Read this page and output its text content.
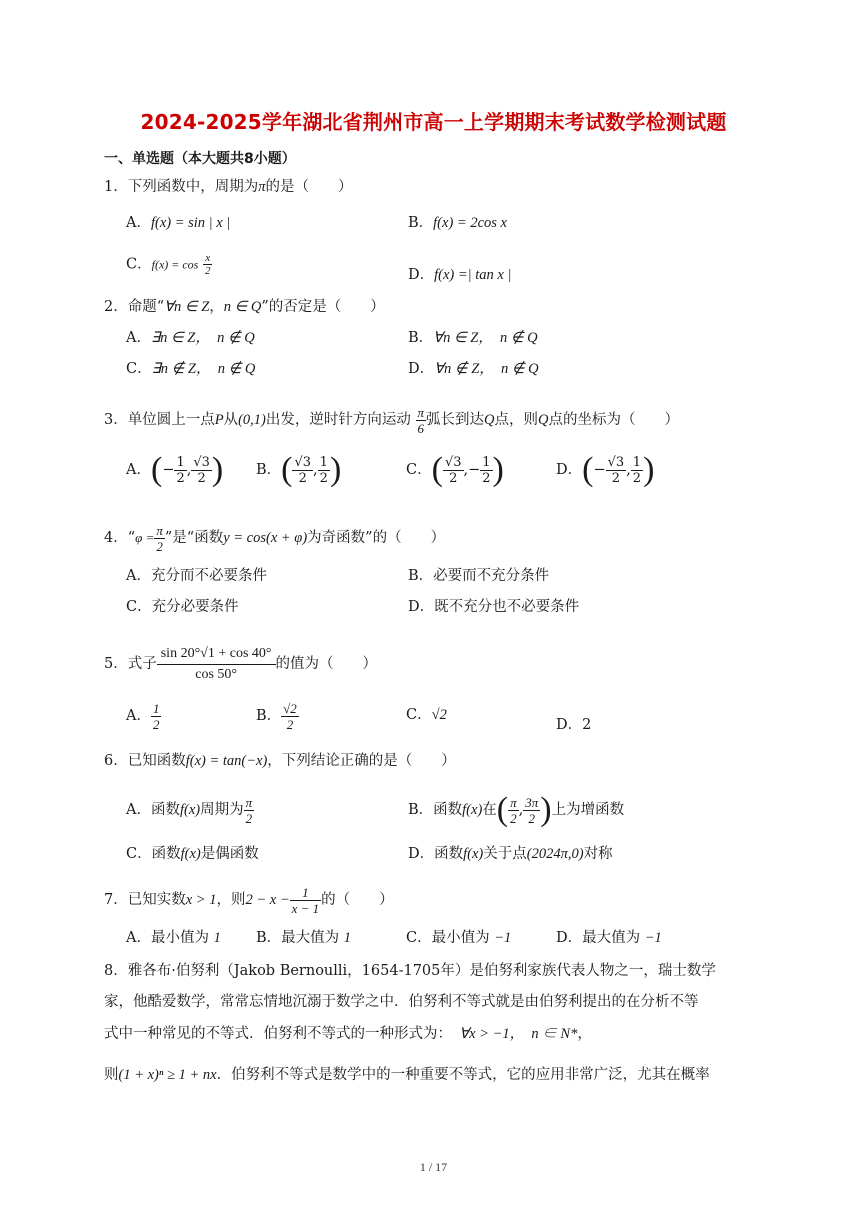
2024-2025学年湖北省荆州市高一上学期期末考试数学检测试题
一、单选题（本大题共8小题）
1．下列函数中，周期为π的是（　　）
A．f(x) = sin | x |	B．f(x) = 2cos x
C．$f(x) = \cos \frac{x}{2}$	D．f(x) =| tan x |
2．命题“∀n ∈ Z，n ∈ Q”的否定是（　　）
A．∃n ∈ Z，　n ∉ Q	B．∀n ∈ Z，　n ∉ Q
C．∃n ∉ Z，　n ∉ Q	D．∀n ∉ Z，　n ∉ Q
3．单位圆上一点P从(0,1)出发，逆时针方向运动 $\frac{\pi}{6}$ 弧长到达Q点，则Q点的坐标为（　　）
A．(− $\frac{1}{2}$ , $\frac{√3}{2}$ ) B．( $\frac{√3}{2}$ , $\frac{1}{2}$ )	C．( $\frac{√3}{2}$ ,− $\frac{1}{2}$ )	D．(− $\frac{√3}{2}$ , $\frac{1}{2}$ )
4．“$\varphi = \frac{\pi}{2}$ ”是“函数y = cos(x + φ)为奇函数”的（　　）
A．充分而不必要条件	B．必要而不充分条件
C．充分必要条件	D．既不充分也不必要条件
5．式子 $\frac{\sin 20^\circ√1 + \cos 40^\circ}{\cos 50^\circ}$ 的值为（　　）
A． $\frac{1}{2}$	B． $\frac{√2}{2}$	C．√2
D．2
6．已知函数f(x) = tan(−x)，下列结论正确的是（　　）
A．函数f(x)周期为 $\frac{\pi}{2}$	B．函数f(x)在( $\frac{\pi}{2}$ , $\frac{3\pi}{2}$ )上为增函数
C．函数f(x)是偶函数	D．函数f(x)关于点(2024π,0)对称
7．已知实数x > 1，则$2 - x - \frac{1}{x - 1}$ 的（　　）
A．最小值为 1 B．最大值为 1	C．最小值为 −1	D．最大值为 −1
8．雅各布·伯努利（Jakob Bernoulli，1654-1705年）是伯努利家族代表人物之一，瑞士数学
家，他酷爱数学，常常忘情地沉溺于数学之中．伯努利不等式就是由伯努利提出的在分析不等
式中一种常见的不等式．伯努利不等式的一种形式为：　 ∀x > −1，　n ∈ N*，
则(1 + x)ⁿ ≥ 1 + nx．伯努利不等式是数学中的一种重要不等式，它的应用非常广泛，尤其在概率
1 / 17
